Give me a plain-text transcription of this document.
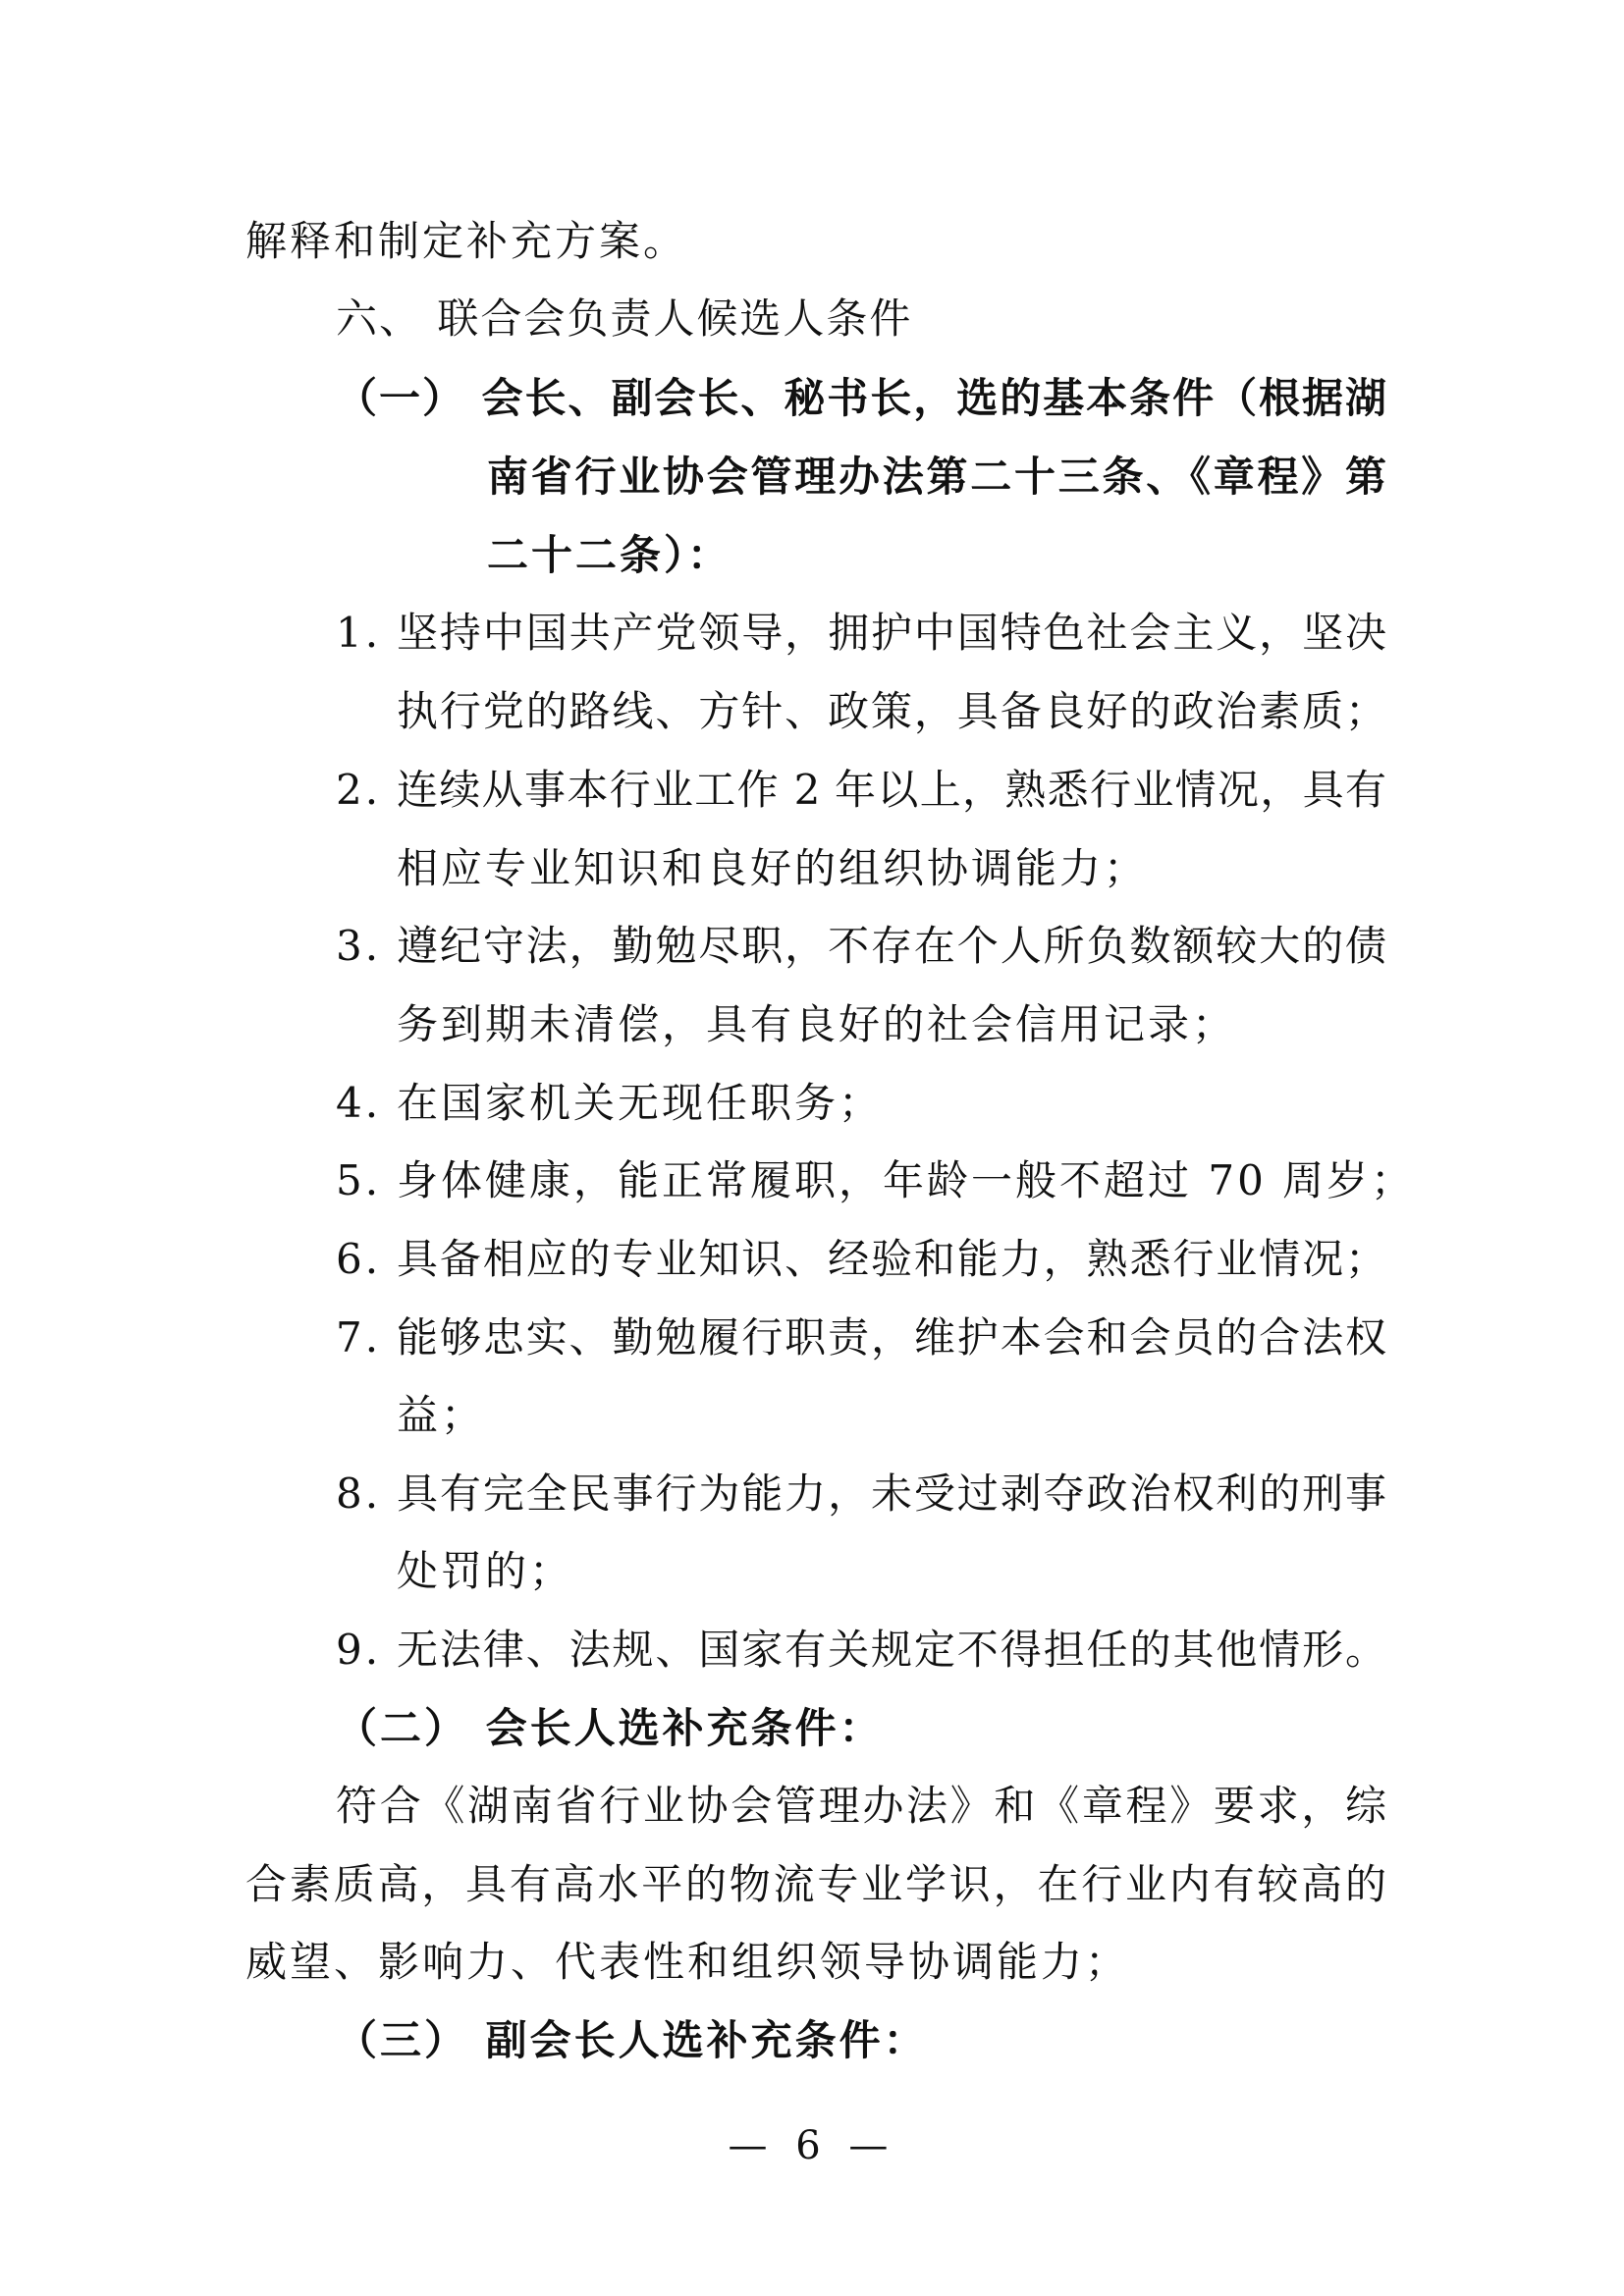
解释和制定补充方案。
六、 联合会负责人候选人条件
（一） 会长、副会长、秘书长，选的基本条件（根据湖
南省行业协会管理办法第二十三条、《章程》第
二十二条）：
1. 坚持中国共产党领导，拥护中国特色社会主义，坚决
执行党的路线、方针、政策，具备良好的政治素质；
2. 连续从事本行业工作 2 年以上，熟悉行业情况，具有
相应专业知识和良好的组织协调能力；
3. 遵纪守法，勤勉尽职，不存在个人所负数额较大的债
务到期未清偿，具有良好的社会信用记录；
4. 在国家机关无现任职务；
5. 身体健康，能正常履职，年龄一般不超过 70 周岁；
6. 具备相应的专业知识、经验和能力，熟悉行业情况；
7. 能够忠实、勤勉履行职责，维护本会和会员的合法权
益；
8. 具有完全民事行为能力，未受过剥夺政治权利的刑事
处罚的；
9. 无法律、法规、国家有关规定不得担任的其他情形。
（二） 会长人选补充条件：
符合《湖南省行业协会管理办法》和《章程》要求，综
合素质高，具有高水平的物流专业学识，在行业内有较高的
威望、影响力、代表性和组织领导协调能力；
（三） 副会长人选补充条件：
— 6 —
